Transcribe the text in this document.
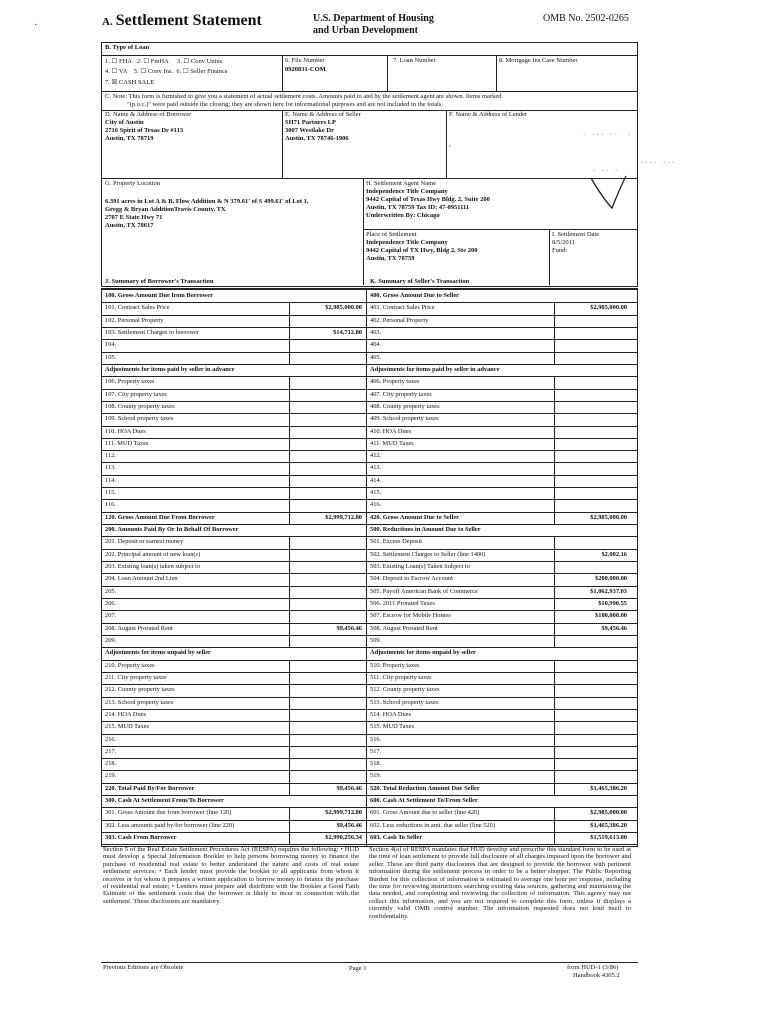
·	A. Settlement Statement	U.S. Department of Housing
and Urban Development
OMB No. 2502-0265
B. Type of Loan
1. ☐ FHA 2. ☐ FmHA 3. ☐ Conv Unins
4. ☐ VA 5. ☐ Conv Ins. 6. ☐ Seller Finance
7. ☒ CASH SALE
6. File Number
0920831-COM
7. Loan Number	8. Mortgage Ins Case Number
C. Note: This form is furnished to give you a statement of actual settlement costs. Amounts paid to and by the settlement agent are shown. Items marked
"(p.o.c.)" were paid outside the closing; they are shown here for informational purposes and are not included in the totals.
D. Name & Address of Borrower
City of Austin
2716 Spirit of Texas Dr #113
Austin, TX 78719
E. Name & Address of Seller
SH71 Partners LP
3007 Westlake Dr
Austin, TX 78746-1906
F. Name & Address of Lender
,
G. Property Location
6.391 acres in Lot A & B, Flow Addition & N 379.61' of S 499.61' of Lot 1,
Gregg & Bryan AdditionTravis County, TX
2707 E State Hwy 71
Austin, TX 78617
H. Settlement Agent Name
Independence Title Company
9442 Capital of Texas Hwy Bldg. 2, Suite 200
Austin, TX 78759 Tax ID: 47-0951111
Underwritten By: Chicago
Place of Settlement
Independence Title Company
9442 Capital of TX Hwy, Bldg 2, Ste 200
Austin, TX 78759
I. Settlement Date
8/5/2011
Fund:
· ··· ··  ·
···· ···
· ·· ·
J. Summary of Borrower's Transaction	K. Summary of Seller's Transaction
100. Gross Amount Due from Borrower
101. Contract Sales Price	$2,985,000.00
102. Personal Property
103. Settlement Charges to borrower	$14,712.80
104.
105.
Adjustments for items paid by seller in advance
106. Property taxes
107. City property taxes
108. County property taxes
109. School property taxes
110. HOA Dues
111. MUD Taxes
112.
113.
114.
115.
116.
120. Gross Amount Due From Borrower	$2,999,712.80
200. Amounts Paid By Or In Behalf Of Borrower
201. Deposit or earnest money
202. Principal amount of new loan(s)
203. Existing loan(s) taken subject to
204. Loan Amount 2nd Lien
205.
206.
207.
208. August Prorated Rent	$9,456.46
209.
Adjustments for items unpaid by seller
210. Property taxes
211. City property taxes
212. County property taxes
213. School property taxes
214. HOA Dues
215. MUD Taxes
216.
217.
218.
219.
220. Total Paid By/For Borrower	$9,456.46
300. Cash At Settlement From/To Borrower
301. Gross Amount due from borrower (line 120)	$2,999,712.80
302. Less amounts paid by/for borrower (line 220)	$9,456.46
303. Cash From Borrower	$2,990,256.34
400. Gross Amount Due to Seller
401. Contract Sales Price	$2,985,000.00
402. Personal Property
403.
404.
405.
Adjustments for items paid by seller in advance
406. Property taxes
407. City property taxes
408. County property taxes
409. School property taxes
410. HOA Dues
411. MUD Taxes
412.
413.
414.
415.
416.
420. Gross Amount Due to Seller	$2,985,000.00
500. Reductions in Amount Due to Seller
501. Excess Deposit
502. Settlement Charges to Seller (line 1400)	$2,002.16
503. Existing Loan(s) Taken Subject to
504. Deposit to Escrow Account	$200,000.00
505. Payoff American Bank of Commerce	$1,062,937.03
506. 2011 Prorated Taxes	$10,990.55
507. Escrow for Mobile Homes	$180,000.00
508. August Prorated Rent	$9,456.46
509.
Adjustments for items unpaid by seller
510. Property taxes
511. City property taxes
512. County property taxes
513. School property taxes
514. HOA Dues
515. MUD Taxes
516.
517.
518.
519.
520. Total Reduction Amount Due Seller	$1,465,386.20
600. Cash At Settlement To/From Seller
601. Gross Amount due to seller (line 420)	$2,985,000.00
602. Less reductions in amt. due seller (line 520)	$1,465,386.20
603. Cash To Seller	$1,519,613.80
Section 5 of the Real Estate Settlement Procedures Act (RESPA) requires the following: • HUD must develop a Special Information Booklet to help persons borrowing money to finance the purchase of residential real estate to better understand the nature and costs of real estate settlement services; • Each lender must provide the booklet to all applicants from whom it receives or for whom it prepares a written application to borrow money to finance the purchase of residential real estate; • Lenders must prepare and distribute with the Booklet a Good Faith Estimate of the settlement costs that the borrower is likely to incur in connection with the settlement. These disclosures are mandatory.
Section 4(a) of RESPA mandates that HUD develop and prescribe this standard form to be used at the time of loan settlement to provide full disclosure of all charges imposed upon the borrower and seller. These are third party disclosures that are designed to provide the borrower with pertinent information during the settlement process in order to be a better shopper. The Public Reporting Burden for this collection of information is estimated to average one hour per response, including the time for reviewing instructions searching existing data sources, gathering and maintaining the data needed, and completing and reviewing the collection of information. This agency may not collect this information, and you are not required to complete this form, unless it displays a currently valid OMB control number. The information requested does not lend itself to confidentiality.
Previous Editions are Obsolete	Page 1	form HUD-1 (3/86)
Handbook 4305.2
